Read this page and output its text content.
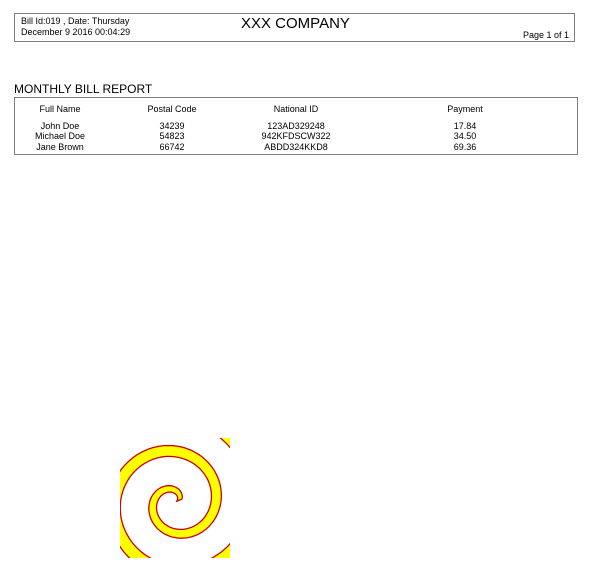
Bill Id:019 , Date: Thursday
December 9 2016 00:04:29	XXX COMPANY
Page 1 of 1
MONTHLY BILL REPORT
Full Name	Postal Code	National ID	Payment
John Doe	34239	123AD329248	17.84
Michael Doe	54823	942KFDSCW322	34.50
Jane Brown	66742	ABDD324KKD8	69.36
